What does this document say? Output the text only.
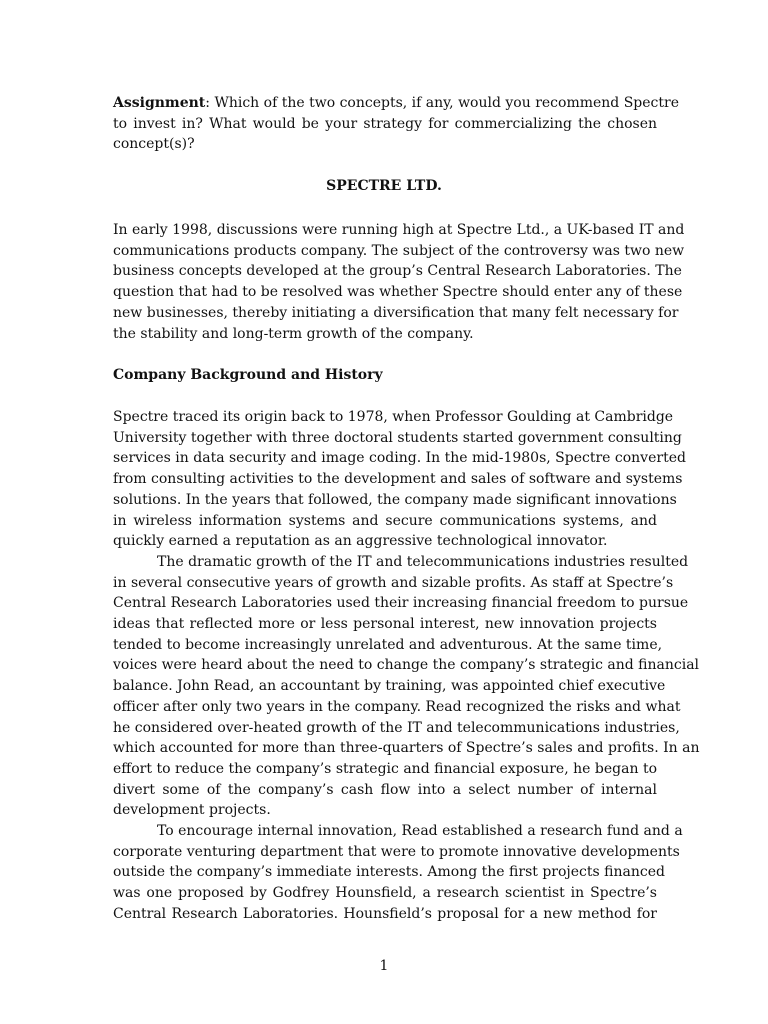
Assignment: Which of the two concepts, if any, would you recommend Spectre
to invest in? What would be your strategy for commercializing the chosen
concept(s)?
SPECTRE LTD.
In early 1998, discussions were running high at Spectre Ltd., a UK-based IT and
communications products company. The subject of the controversy was two new
business concepts developed at the group’s Central Research Laboratories. The
question that had to be resolved was whether Spectre should enter any of these
new businesses, thereby initiating a diversification that many felt necessary for
the stability and long-term growth of the company.
Company Background and History
Spectre traced its origin back to 1978, when Professor Goulding at Cambridge
University together with three doctoral students started government consulting
services in data security and image coding. In the mid-1980s, Spectre converted
from consulting activities to the development and sales of software and systems
solutions. In the years that followed, the company made significant innovations
in wireless information systems and secure communications systems, and
quickly earned a reputation as an aggressive technological innovator.
The dramatic growth of the IT and telecommunications industries resulted
in several consecutive years of growth and sizable profits. As staff at Spectre’s
Central Research Laboratories used their increasing financial freedom to pursue
ideas that reflected more or less personal interest, new innovation projects
tended to become increasingly unrelated and adventurous. At the same time,
voices were heard about the need to change the company’s strategic and financial
balance. John Read, an accountant by training, was appointed chief executive
officer after only two years in the company. Read recognized the risks and what
he considered over-heated growth of the IT and telecommunications industries,
which accounted for more than three-quarters of Spectre’s sales and profits. In an
effort to reduce the company’s strategic and financial exposure, he began to
divert some of the company’s cash flow into a select number of internal
development projects.
To encourage internal innovation, Read established a research fund and a
corporate venturing department that were to promote innovative developments
outside the company’s immediate interests. Among the first projects financed
was one proposed by Godfrey Hounsfield, a research scientist in Spectre’s
Central Research Laboratories. Hounsfield’s proposal for a new method for
1
